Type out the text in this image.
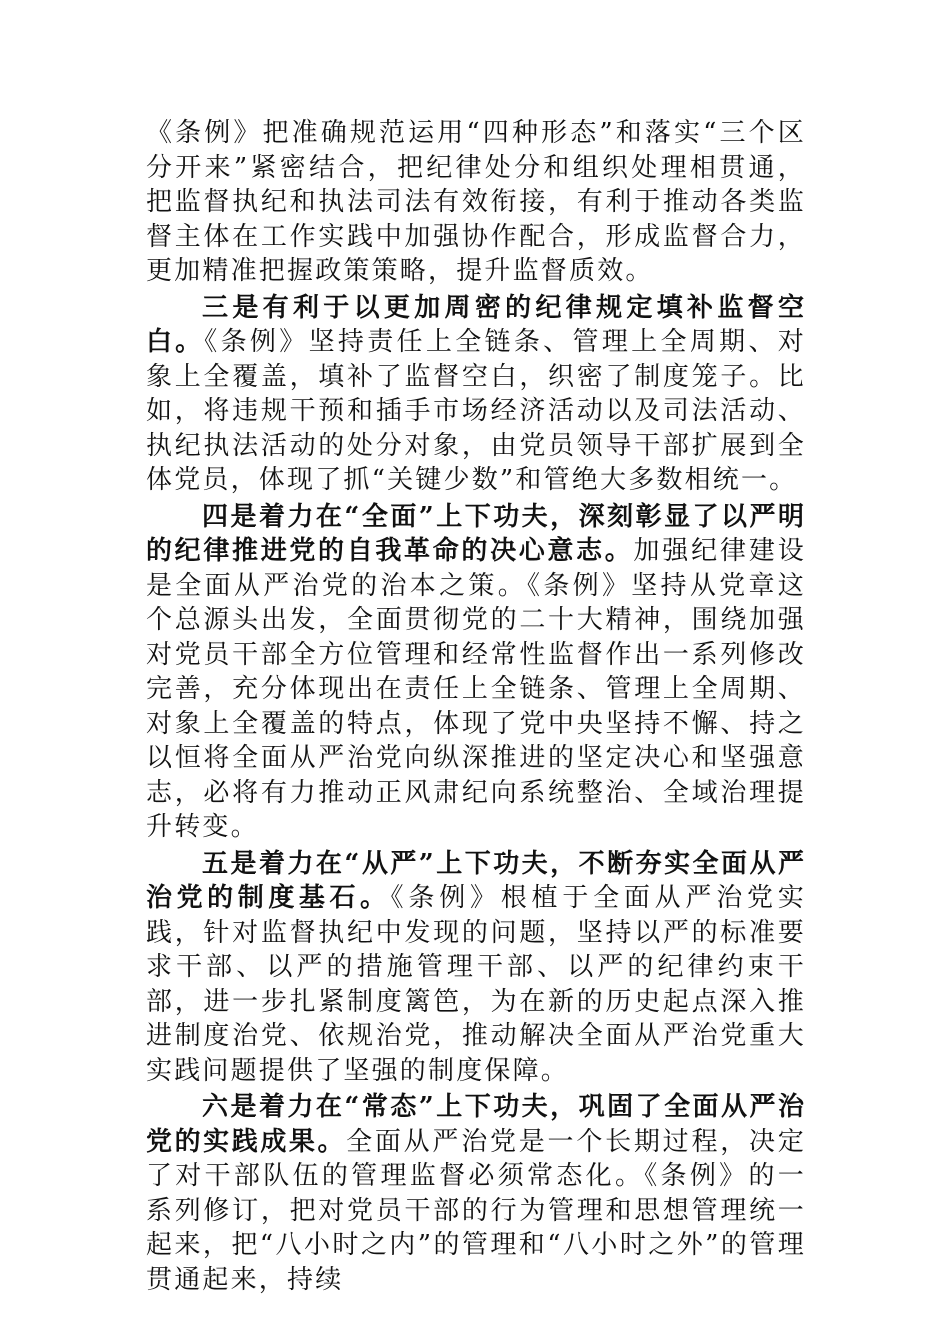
《条例》把准确规范运用“四种形态”和落实“三个区分开来”紧密结合，把纪律处分和组织处理相贯通，把监督执纪和执法司法有效衔接，有利于推动各类监督主体在工作实践中加强协作配合，形成监督合力，更加精准把握政策策略，提升监督质效。

三是有利于以更加周密的纪律规定填补监督空白。《条例》坚持责任上全链条、管理上全周期、对象上全覆盖，填补了监督空白，织密了制度笼子。比如，将违规干预和插手市场经济活动以及司法活动、执纪执法活动的处分对象，由党员领导干部扩展到全体党员，体现了抓“关键少数”和管绝大多数相统一。

四是着力在“全面”上下功夫，深刻彰显了以严明的纪律推进党的自我革命的决心意志。加强纪律建设是全面从严治党的治本之策。《条例》坚持从党章这个总源头出发，全面贯彻党的二十大精神，围绕加强对党员干部全方位管理和经常性监督作出一系列修改完善，充分体现出在责任上全链条、管理上全周期、对象上全覆盖的特点，体现了党中央坚持不懈、持之以恒将全面从严治党向纵深推进的坚定决心和坚强意志，必将有力推动正风肃纪向系统整治、全域治理提升转变。

五是着力在“从严”上下功夫，不断夯实全面从严治党的制度基石。《条例》根植于全面从严治党实践，针对监督执纪中发现的问题，坚持以严的标准要求干部、以严的措施管理干部、以严的纪律约束干部，进一步扎紧制度篱笆，为在新的历史起点深入推进制度治党、依规治党，推动解决全面从严治党重大实践问题提供了坚强的制度保障。

六是着力在“常态”上下功夫，巩固了全面从严治党的实践成果。全面从严治党是一个长期过程，决定了对干部队伍的管理监督必须常态化。《条例》的一系列修订，把对党员干部的行为管理和思想管理统一起来，把“八小时之内”的管理和“八小时之外”的管理贯通起来，持续
